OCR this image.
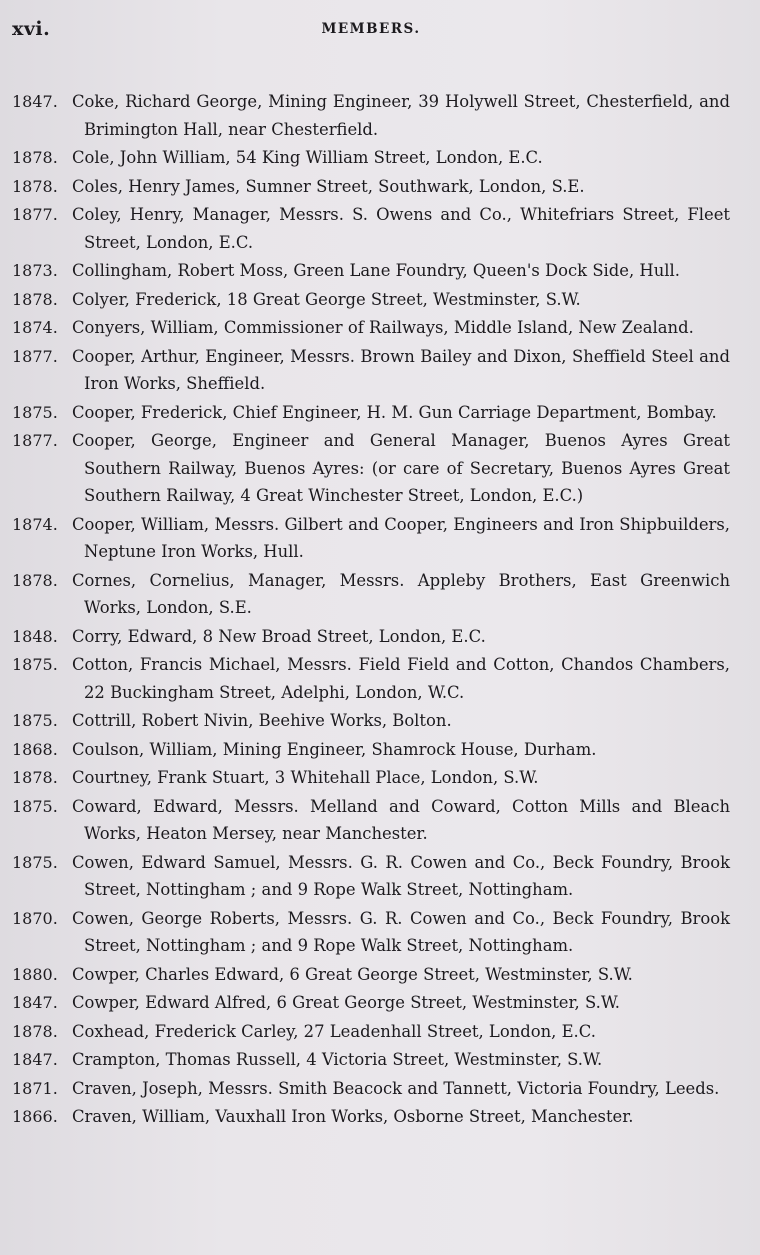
xvi.	MEMBERS.
1847. Coke, Richard George, Mining Engineer, 39 Holywell Street, Chesterfield, and Brimington Hall, near Chesterfield.
1878. Cole, John William, 54 King William Street, London, E.C.
1878. Coles, Henry James, Sumner Street, Southwark, London, S.E.
1877. Coley, Henry, Manager, Messrs. S. Owens and Co., Whitefriars Street, Fleet Street, London, E.C.
1873. Collingham, Robert Moss, Green Lane Foundry, Queen's Dock Side, Hull.
1878. Colyer, Frederick, 18 Great George Street, Westminster, S.W.
1874. Conyers, William, Commissioner of Railways, Middle Island, New Zealand.
1877. Cooper, Arthur, Engineer, Messrs. Brown Bailey and Dixon, Sheffield Steel and Iron Works, Sheffield.
1875. Cooper, Frederick, Chief Engineer, H. M. Gun Carriage Department, Bombay.
1877. Cooper, George, Engineer and General Manager, Buenos Ayres Great Southern Railway, Buenos Ayres: (or care of Secretary, Buenos Ayres Great Southern Railway, 4 Great Winchester Street, London, E.C.)
1874. Cooper, William, Messrs. Gilbert and Cooper, Engineers and Iron Shipbuilders, Neptune Iron Works, Hull.
1878. Cornes, Cornelius, Manager, Messrs. Appleby Brothers, East Greenwich Works, London, S.E.
1848. Corry, Edward, 8 New Broad Street, London, E.C.
1875. Cotton, Francis Michael, Messrs. Field Field and Cotton, Chandos Chambers, 22 Buckingham Street, Adelphi, London, W.C.
1875. Cottrill, Robert Nivin, Beehive Works, Bolton.
1868. Coulson, William, Mining Engineer, Shamrock House, Durham.
1878. Courtney, Frank Stuart, 3 Whitehall Place, London, S.W.
1875. Coward, Edward, Messrs. Melland and Coward, Cotton Mills and Bleach Works, Heaton Mersey, near Manchester.
1875. Cowen, Edward Samuel, Messrs. G. R. Cowen and Co., Beck Foundry, Brook Street, Nottingham ; and 9 Rope Walk Street, Nottingham.
1870. Cowen, George Roberts, Messrs. G. R. Cowen and Co., Beck Foundry, Brook Street, Nottingham ; and 9 Rope Walk Street, Nottingham.
1880. Cowper, Charles Edward, 6 Great George Street, Westminster, S.W.
1847. Cowper, Edward Alfred, 6 Great George Street, Westminster, S.W.
1878. Coxhead, Frederick Carley, 27 Leadenhall Street, London, E.C.
1847. Crampton, Thomas Russell, 4 Victoria Street, Westminster, S.W.
1871. Craven, Joseph, Messrs. Smith Beacock and Tannett, Victoria Foundry, Leeds.
1866. Craven, William, Vauxhall Iron Works, Osborne Street, Manchester.
